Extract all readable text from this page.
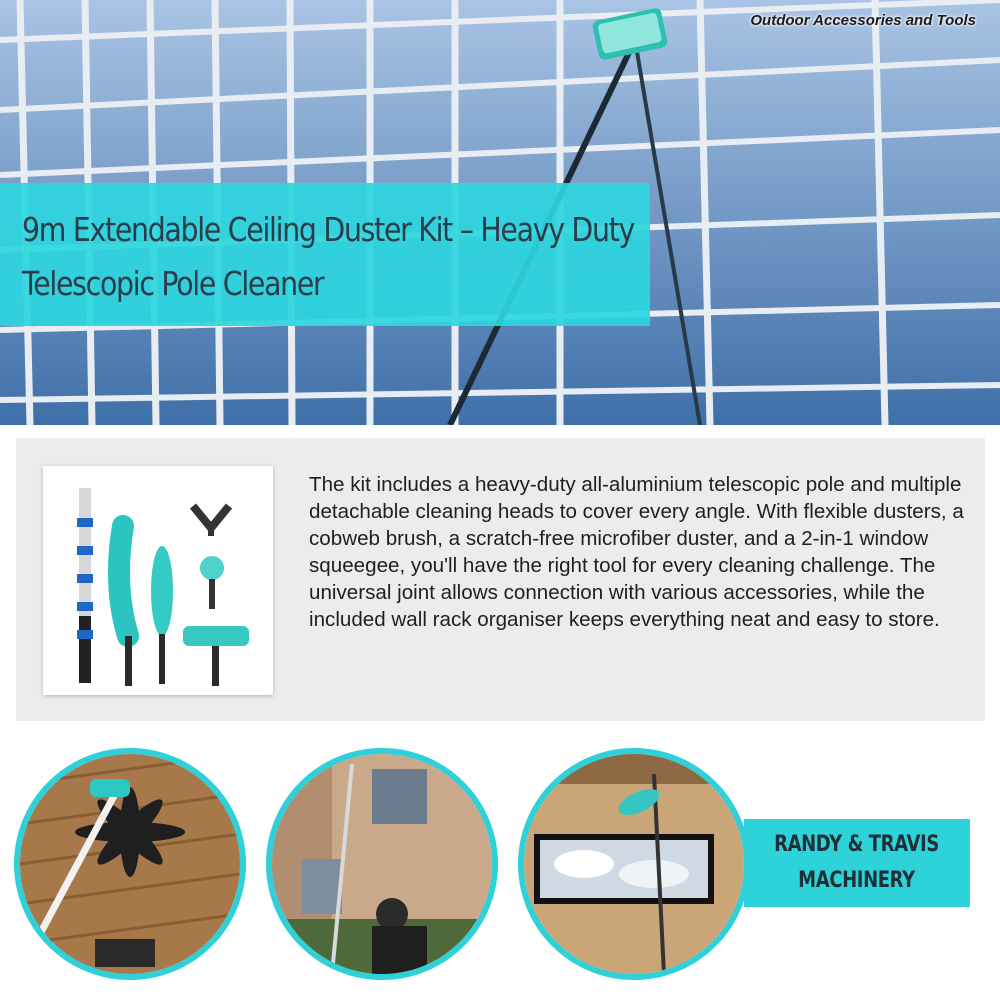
Outdoor Accessories and Tools
9m Extendable Ceiling Duster Kit – Heavy Duty Telescopic Pole Cleaner
The kit includes a heavy-duty all-aluminium telescopic pole and multiple detachable cleaning heads to cover every angle. With flexible dusters, a cobweb brush, a scratch-free microfiber duster, and a 2-in-1 window squeegee, you'll have the right tool for every cleaning challenge. The universal joint allows connection with various accessories, while the included wall rack organiser keeps everything neat and easy to store.
RANDY & TRAVIS
MACHINERY
